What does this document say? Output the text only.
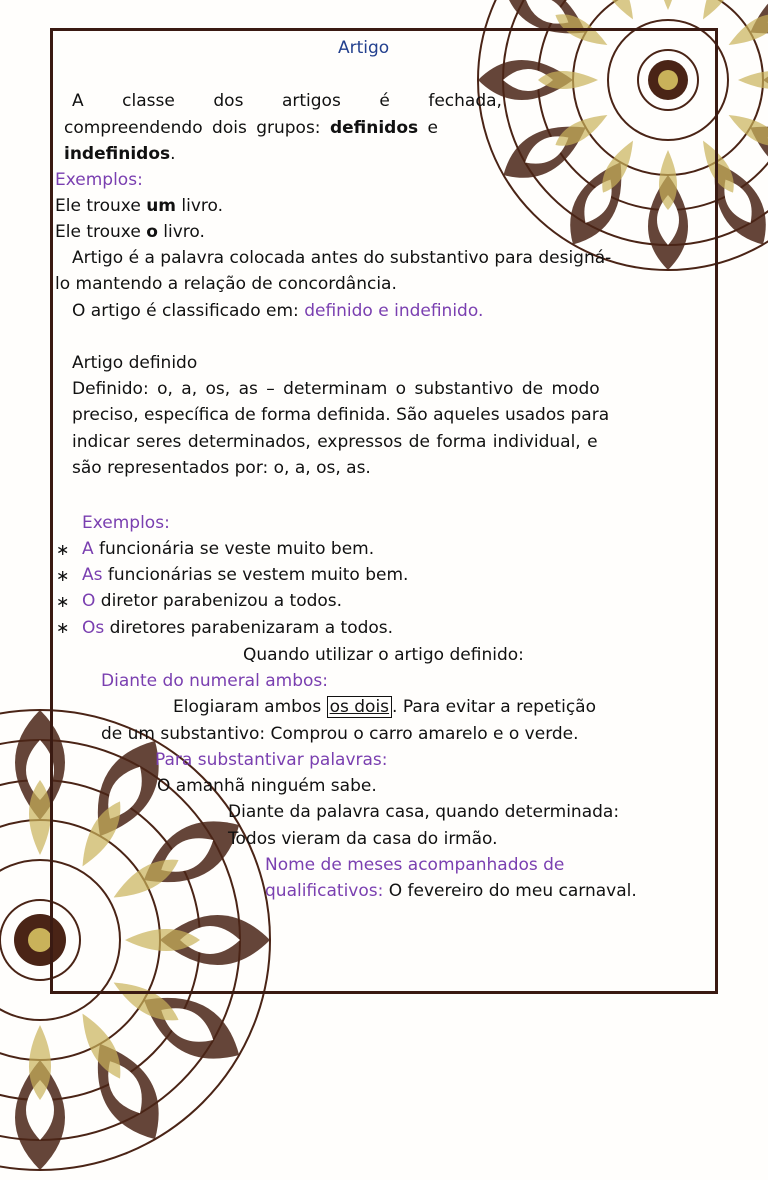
Artigo
A classe dos artigos é fechada,
compreendendo dois grupos: definidos e
indefinidos.
Exemplos:
Ele trouxe um livro.
Ele trouxe o livro.
Artigo é a palavra colocada antes do substantivo para designá-
lo mantendo a relação de concordância.
O artigo é classificado em: definido e indefinido.
Artigo definido
Definido: o, a, os, as – determinam o substantivo de modo
preciso, específica de forma definida. São aqueles usados para
indicar seres determinados, expressos de forma individual, e
são representados por: o, a, os, as.
Exemplos:
∗ A funcionária se veste muito bem.
∗ As funcionárias se vestem muito bem.
∗ O diretor parabenizou a todos.
∗ Os diretores parabenizaram a todos.
Quando utilizar o artigo definido:
Diante do numeral ambos:
Elogiaram ambos os dois . Para evitar a repetição
de um substantivo: Comprou o carro amarelo e o verde.
Para substantivar palavras:
O amanhã ninguém sabe.
Diante da palavra casa, quando determinada:
Todos vieram da casa do irmão.
Nome de meses acompanhados de
qualificativos: O fevereiro do meu carnaval.
